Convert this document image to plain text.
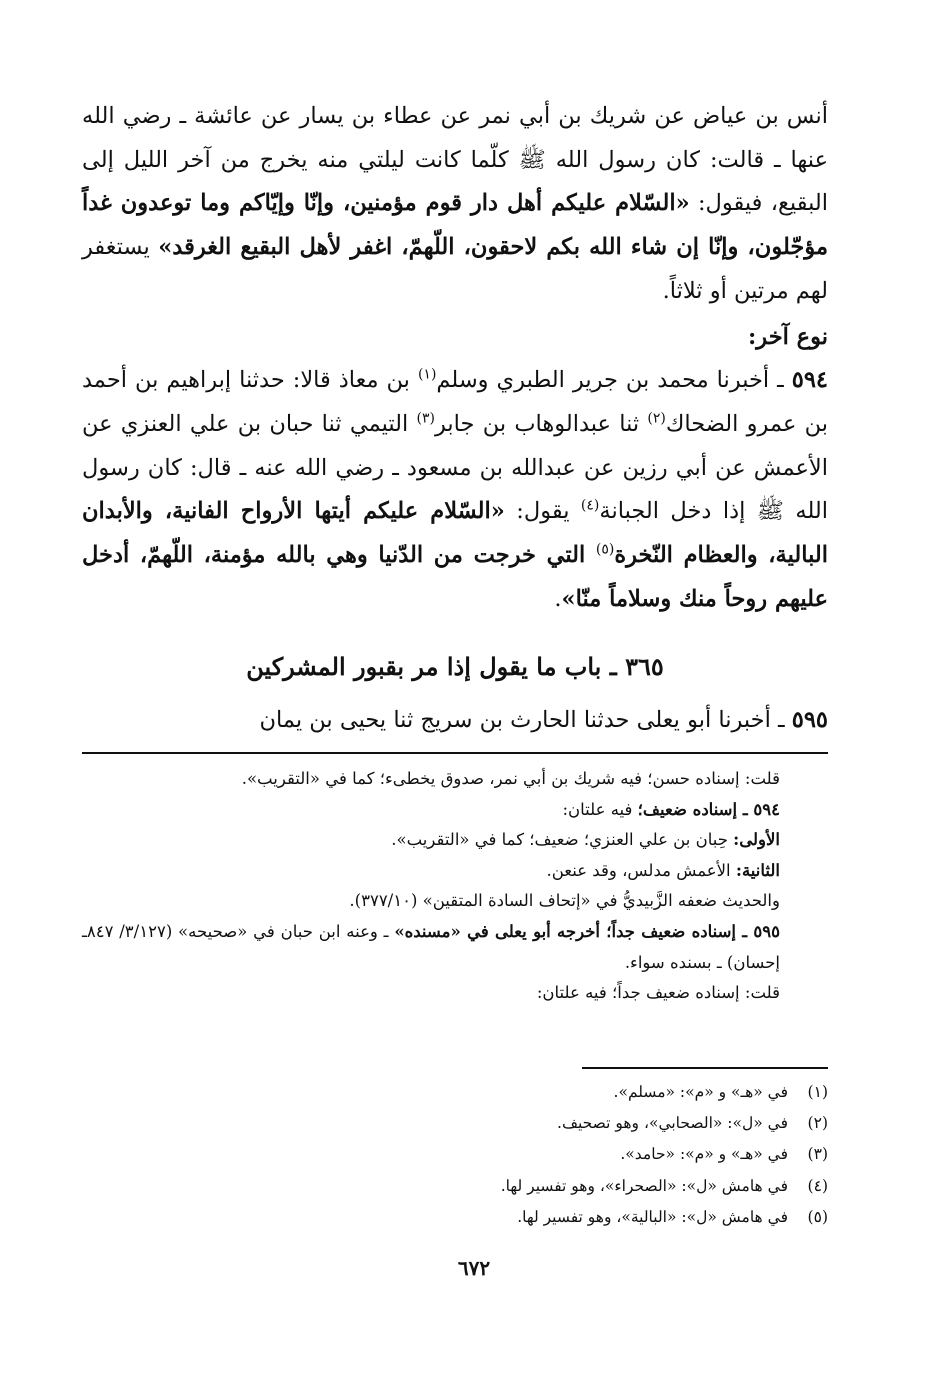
أنس بن عياض عن شريك بن أبي نمر عن عطاء بن يسار عن عائشة ـ رضي الله عنها ـ قالت: كان رسول الله ﷺ كلّما كانت ليلتي منه يخرج من آخر الليل إلى البقيع، فيقول: «السّلام عليكم أهل دار قوم مؤمنين، وإنّا وإيّاكم وما توعدون غداً مؤجّلون، وإنّا إن شاء الله بكم لاحقون، اللّهمّ، اغفر لأهل البقيع الغرقد» يستغفر لهم مرتين أو ثلاثاً.

نوع آخر:

٥٩٤ ـ أخبرنا محمد بن جرير الطبري وسلم$^{(١)}$ بن معاذ قالا: حدثنا إبراهيم بن أحمد بن عمرو الضحاك$^{(٢)}$ ثنا عبدالوهاب بن جابر$^{(٣)}$ التيمي ثنا حبان بن علي العنزي عن الأعمش عن أبي رزين عن عبدالله بن مسعود ـ رضي الله عنه ـ قال: كان رسول الله ﷺ إذا دخل الجبانة$^{(٤)}$ يقول: «السّلام عليكم أيتها الأرواح الفانية، والأبدان البالية، والعظام النّخرة$^{(٥)}$ التي خرجت من الدّنيا وهي بالله مؤمنة، اللّهمّ، أدخل عليهم روحاً منك وسلاماً منّا».

٣٦٥ ـ باب ما يقول إذا مر بقبور المشركين

٥٩٥ ـ أخبرنا أبو يعلى حدثنا الحارث بن سريج ثنا يحيى بن يمان

قلت: إسناده حسن؛ فيه شريك بن أبي نمر، صدوق يخطىء؛ كما في «التقريب».

٥٩٤ ـ إسناده ضعيف؛ فيه علتان:

الأولى: حِبان بن علي العنزي؛ ضعيف؛ كما في «التقريب».

الثانية: الأعمش مدلس، وقد عنعن.

والحديث ضعفه الزَّبيديُّ في «إتحاف السادة المتقين» (٣٧٧/١٠).

٥٩٥ ـ إسناده ضعيف جداً؛ أخرجه أبو يعلى في «مسنده» ـ وعنه ابن حبان في «صحيحه» (٣/١٢٧/ ٨٤٧ـ إحسان) ـ بسنده سواء.

قلت: إسناده ضعيف جداً؛ فيه علتان:

(١)في «هـ» و «م»: «مسلم».
(٢)في «ل»: «الصحابي»، وهو تصحيف.
(٣)في «هـ» و «م»: «حامد».
(٤)في هامش «ل»: «الصحراء»، وهو تفسير لها.
(٥)في هامش «ل»: «البالية»، وهو تفسير لها.
٦٧٢
